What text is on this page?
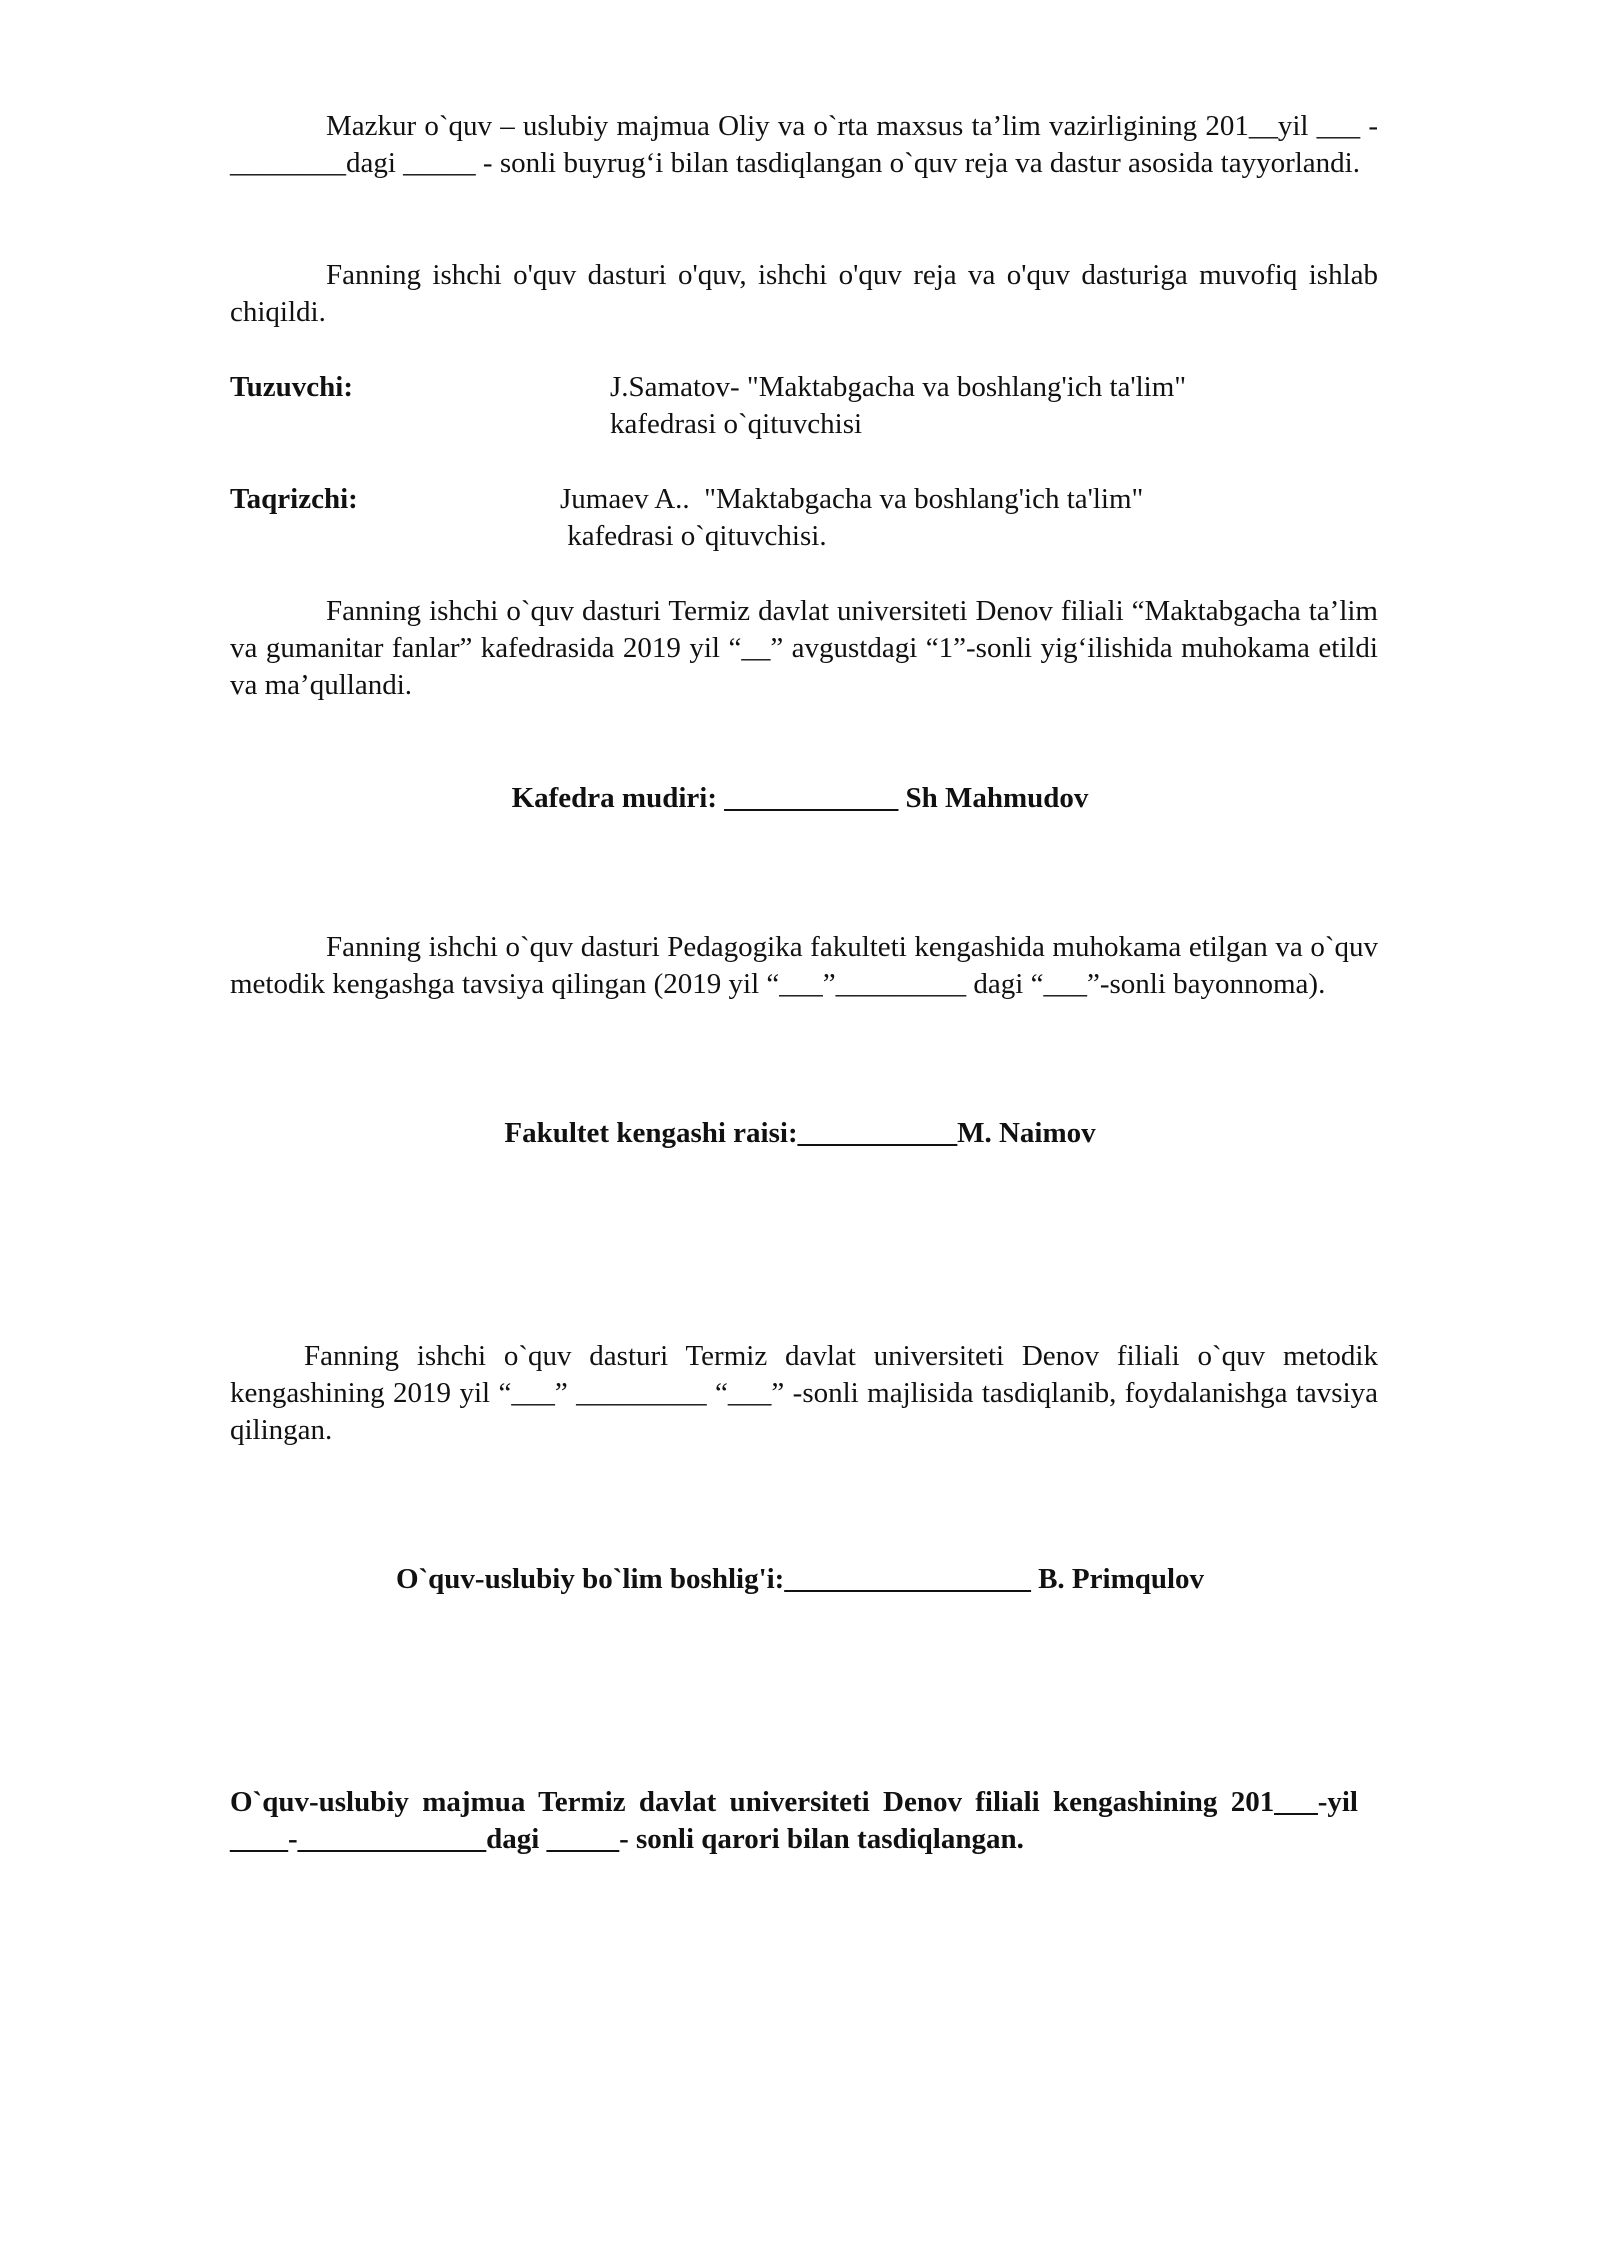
Mazkur o`quv – uslubiy majmua Oliy va o`rta maxsus ta’lim vazirligining 201__yil ___ - ________dagi _____ - sonli buyrug‘i bilan tasdiqlangan o`quv reja va dastur asosida tayyorlandi.

Fanning ishchi o'quv dasturi o'quv, ishchi o'quv reja va o'quv dasturiga muvofiq ishlab chiqildi.

Tuzuvchi:	J.Samatov- "Maktabgacha va boshlang'ich ta'lim"
kafedrasi o`qituvchisi
Taqrizchi:	Jumaev A..  "Maktabgacha va boshlang'ich ta'lim"
kafedrasi o`qituvchisi.

Fanning ishchi o`quv dasturi Termiz davlat universiteti Denov filiali “Maktabgacha ta’lim va gumanitar fanlar” kafedrasida 2019 yil “__” avgustdagi “1”-sonli yig‘ilishida muhokama etildi va ma’qullandi.

Kafedra mudiri: ____________ Sh Mahmudov

Fanning ishchi o`quv dasturi Pedagogika fakulteti kengashida muhokama etilgan va o`quv metodik kengashga tavsiya qilingan (2019 yil “___”_________ dagi “___”-sonli bayonnoma).

Fakultet kengashi raisi:___________M. Naimov

Fanning ishchi o`quv dasturi Termiz davlat universiteti Denov filiali o`quv metodik kengashining 2019 yil “___” _________ “___” -sonli majlisida tasdiqlanib, foydalanishga tavsiya qilingan.

O`quv-uslubiy bo`lim boshlig'i:_________________ B. Primqulov

O`quv-uslubiy majmua Termiz davlat universiteti Denov filiali kengashining 201___-yil ____-_____________dagi _____- sonli qarori bilan tasdiqlangan.
